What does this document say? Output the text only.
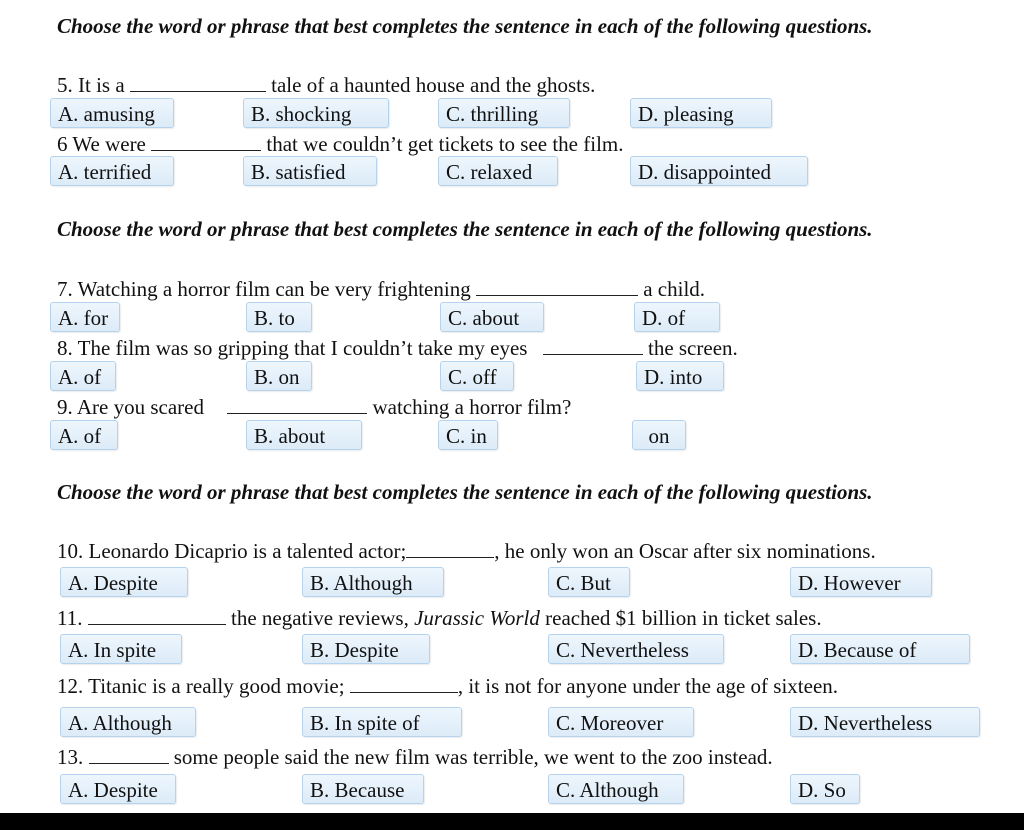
Choose the word or phrase that best completes the sentence in each of the following questions.
5. It is a	tale of a haunted house and the ghosts.
A. amusing	B. shocking	C. thrilling	D. pleasing
6 We were	that we couldn’t get tickets to see the film.
A. terrified	B. satisfied	C. relaxed	D. disappointed
Choose the word or phrase that best completes the sentence in each of the following questions.
7. Watching a horror film can be very frightening	a child.
A. for	B. to	C. about	D. of
8. The film was so gripping that I couldn’t take my eyes	the screen.
A. of	B. on	C. off	D. into
9. Are you scared	watching a horror film?
A. of	B. about	C. in	on
Choose the word or phrase that best completes the sentence in each of the following questions.
10. Leonardo Dicaprio is a talented actor;	, he only won an Oscar after six nominations.
A. Despite	B. Although	C. But	D. However
11.	the negative reviews, Jurassic World reached $1 billion in ticket sales.
A. In spite	B. Despite	C. Nevertheless	D. Because of
12. Titanic is a really good movie;	, it is not for anyone under the age of sixteen.
A. Although	B. In spite of	C. Moreover	D. Nevertheless
13.	some people said the new film was terrible, we went to the zoo instead.
A. Despite	B. Because	C. Although	D. So
